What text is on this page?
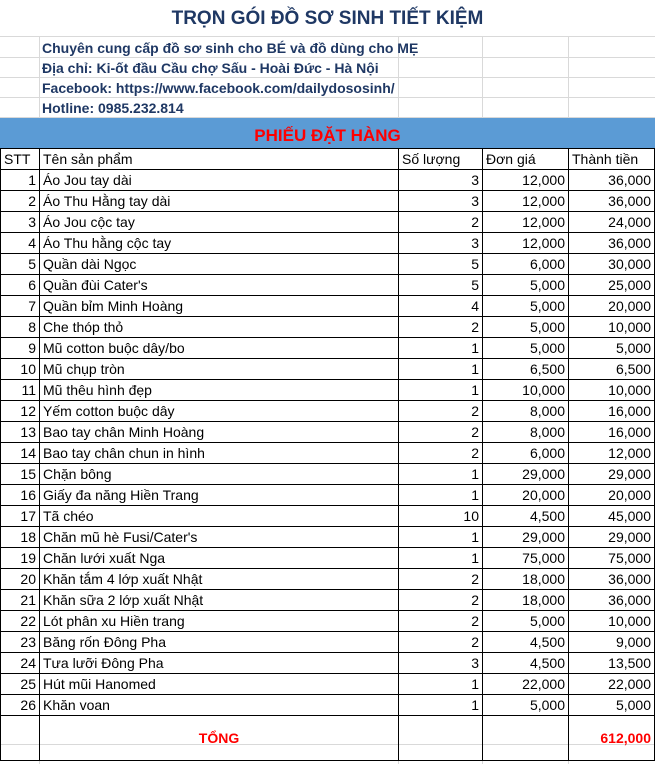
TRỌN GÓI ĐỒ SƠ SINH TIẾT KIỆM
Chuyên cung cấp đồ sơ sinh cho BÉ và đồ dùng cho MẸ
Địa chỉ: Ki-ốt đầu Cầu chợ Sấu - Hoài Đức - Hà Nội
Facebook: https://www.facebook.com/dailydososinh/
Hotline: 0985.232.814
PHIẾU ĐẶT HÀNG
STT	Tên sản phẩm	Số lượng	Đơn giá	Thành tiền
1	Áo Jou tay dài	3	12,000	36,000
2	Áo Thu Hằng tay dài	3	12,000	36,000
3	Áo Jou cộc tay	2	12,000	24,000
4	Áo Thu hằng cộc tay	3	12,000	36,000
5	Quần dài Ngọc	5	6,000	30,000
6	Quần đùi Cater's	5	5,000	25,000
7	Quần bỉm Minh Hoàng	4	5,000	20,000
8	Che thóp thỏ	2	5,000	10,000
9	Mũ cotton buộc dây/bo	1	5,000	5,000
10	Mũ chụp tròn	1	6,500	6,500
11	Mũ thêu hình đẹp	1	10,000	10,000
12	Yếm cotton buộc dây	2	8,000	16,000
13	Bao tay chân Minh Hoàng	2	8,000	16,000
14	Bao tay chân chun in hình	2	6,000	12,000
15	Chặn bông	1	29,000	29,000
16	Giấy đa năng Hiền Trang	1	20,000	20,000
17	Tã chéo	10	4,500	45,000
18	Chăn mũ hè Fusi/Cater's	1	29,000	29,000
19	Chăn lưới xuất Nga	1	75,000	75,000
20	Khăn tắm 4 lớp xuất Nhật	2	18,000	36,000
21	Khăn sữa 2 lớp xuất Nhật	2	18,000	36,000
22	Lót phân xu Hiền trang	2	5,000	10,000
23	Băng rốn Đông Pha	2	4,500	9,000
24	Tưa lưỡi Đông Pha	3	4,500	13,500
25	Hút mũi Hanomed	1	22,000	22,000
26	Khăn voan	1	5,000	5,000
	TỔNG			612,000
